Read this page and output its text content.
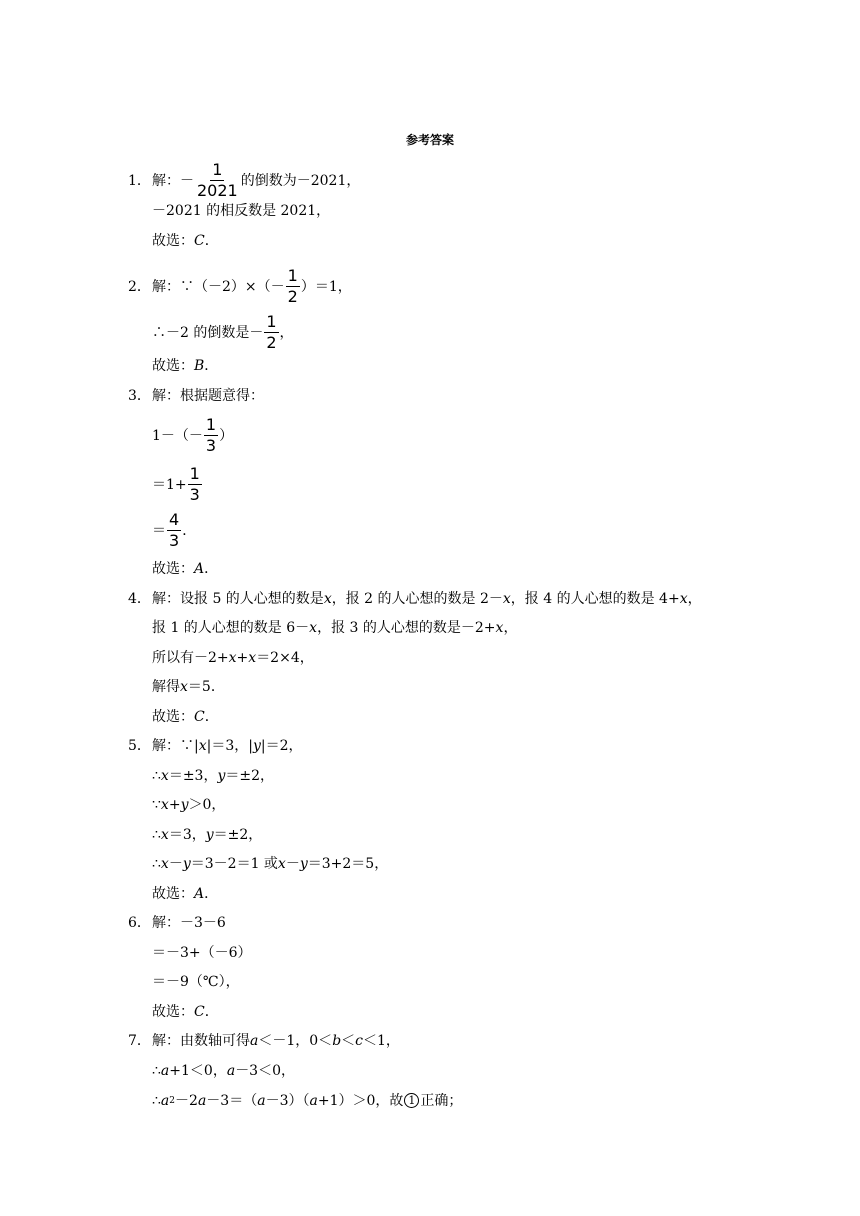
参考答案
1． 解：－ $\frac{1}{2021}$ 的倒数为－2021，
－2021 的相反数是 2021，
故选： C ．
2． 解：∵（－2）×（－ $\frac{1}{2} )=1$，
∴－2 的倒数是－ $\frac{1}{2}$ ，
故选： B ．
3． 解：根据题意得：
$1-(- \frac{1}{3}$ ）
$=1+ \frac{1}{3}$
＝ $\frac{4}{3}$ ．
故选： A ．
4． 解：设报 5 的人心想的数是 x ，报 2 的人心想的数是 2－ x ，报 4 的人心想的数是 4+ x ，
报 1 的人心想的数是 6－ x ，报 3 的人心想的数是－2+ x ，
所以有－2+ x + x ＝2×4，
解得 x ＝5．
故选： C ．
5． 解：∵| x |＝3，| y |＝2，
∴ x ＝±3， y ＝±2，
∵ x + y ＞0，
∴ x ＝3， y ＝±2，
∴ x － y ＝3－2＝1 或 x － y ＝3+2＝5，
故选： A ．
6． 解：－3－6
＝－3+（－6）
＝－9（℃），
故选： C ．
7． 解：由数轴可得 a ＜－1，0＜ b ＜ c ＜1，
∴ a +1＜0， a －3＜0，
∴ a 2 －2 a －3＝（ a －3）（ a +1）＞0，故 1 正确；
